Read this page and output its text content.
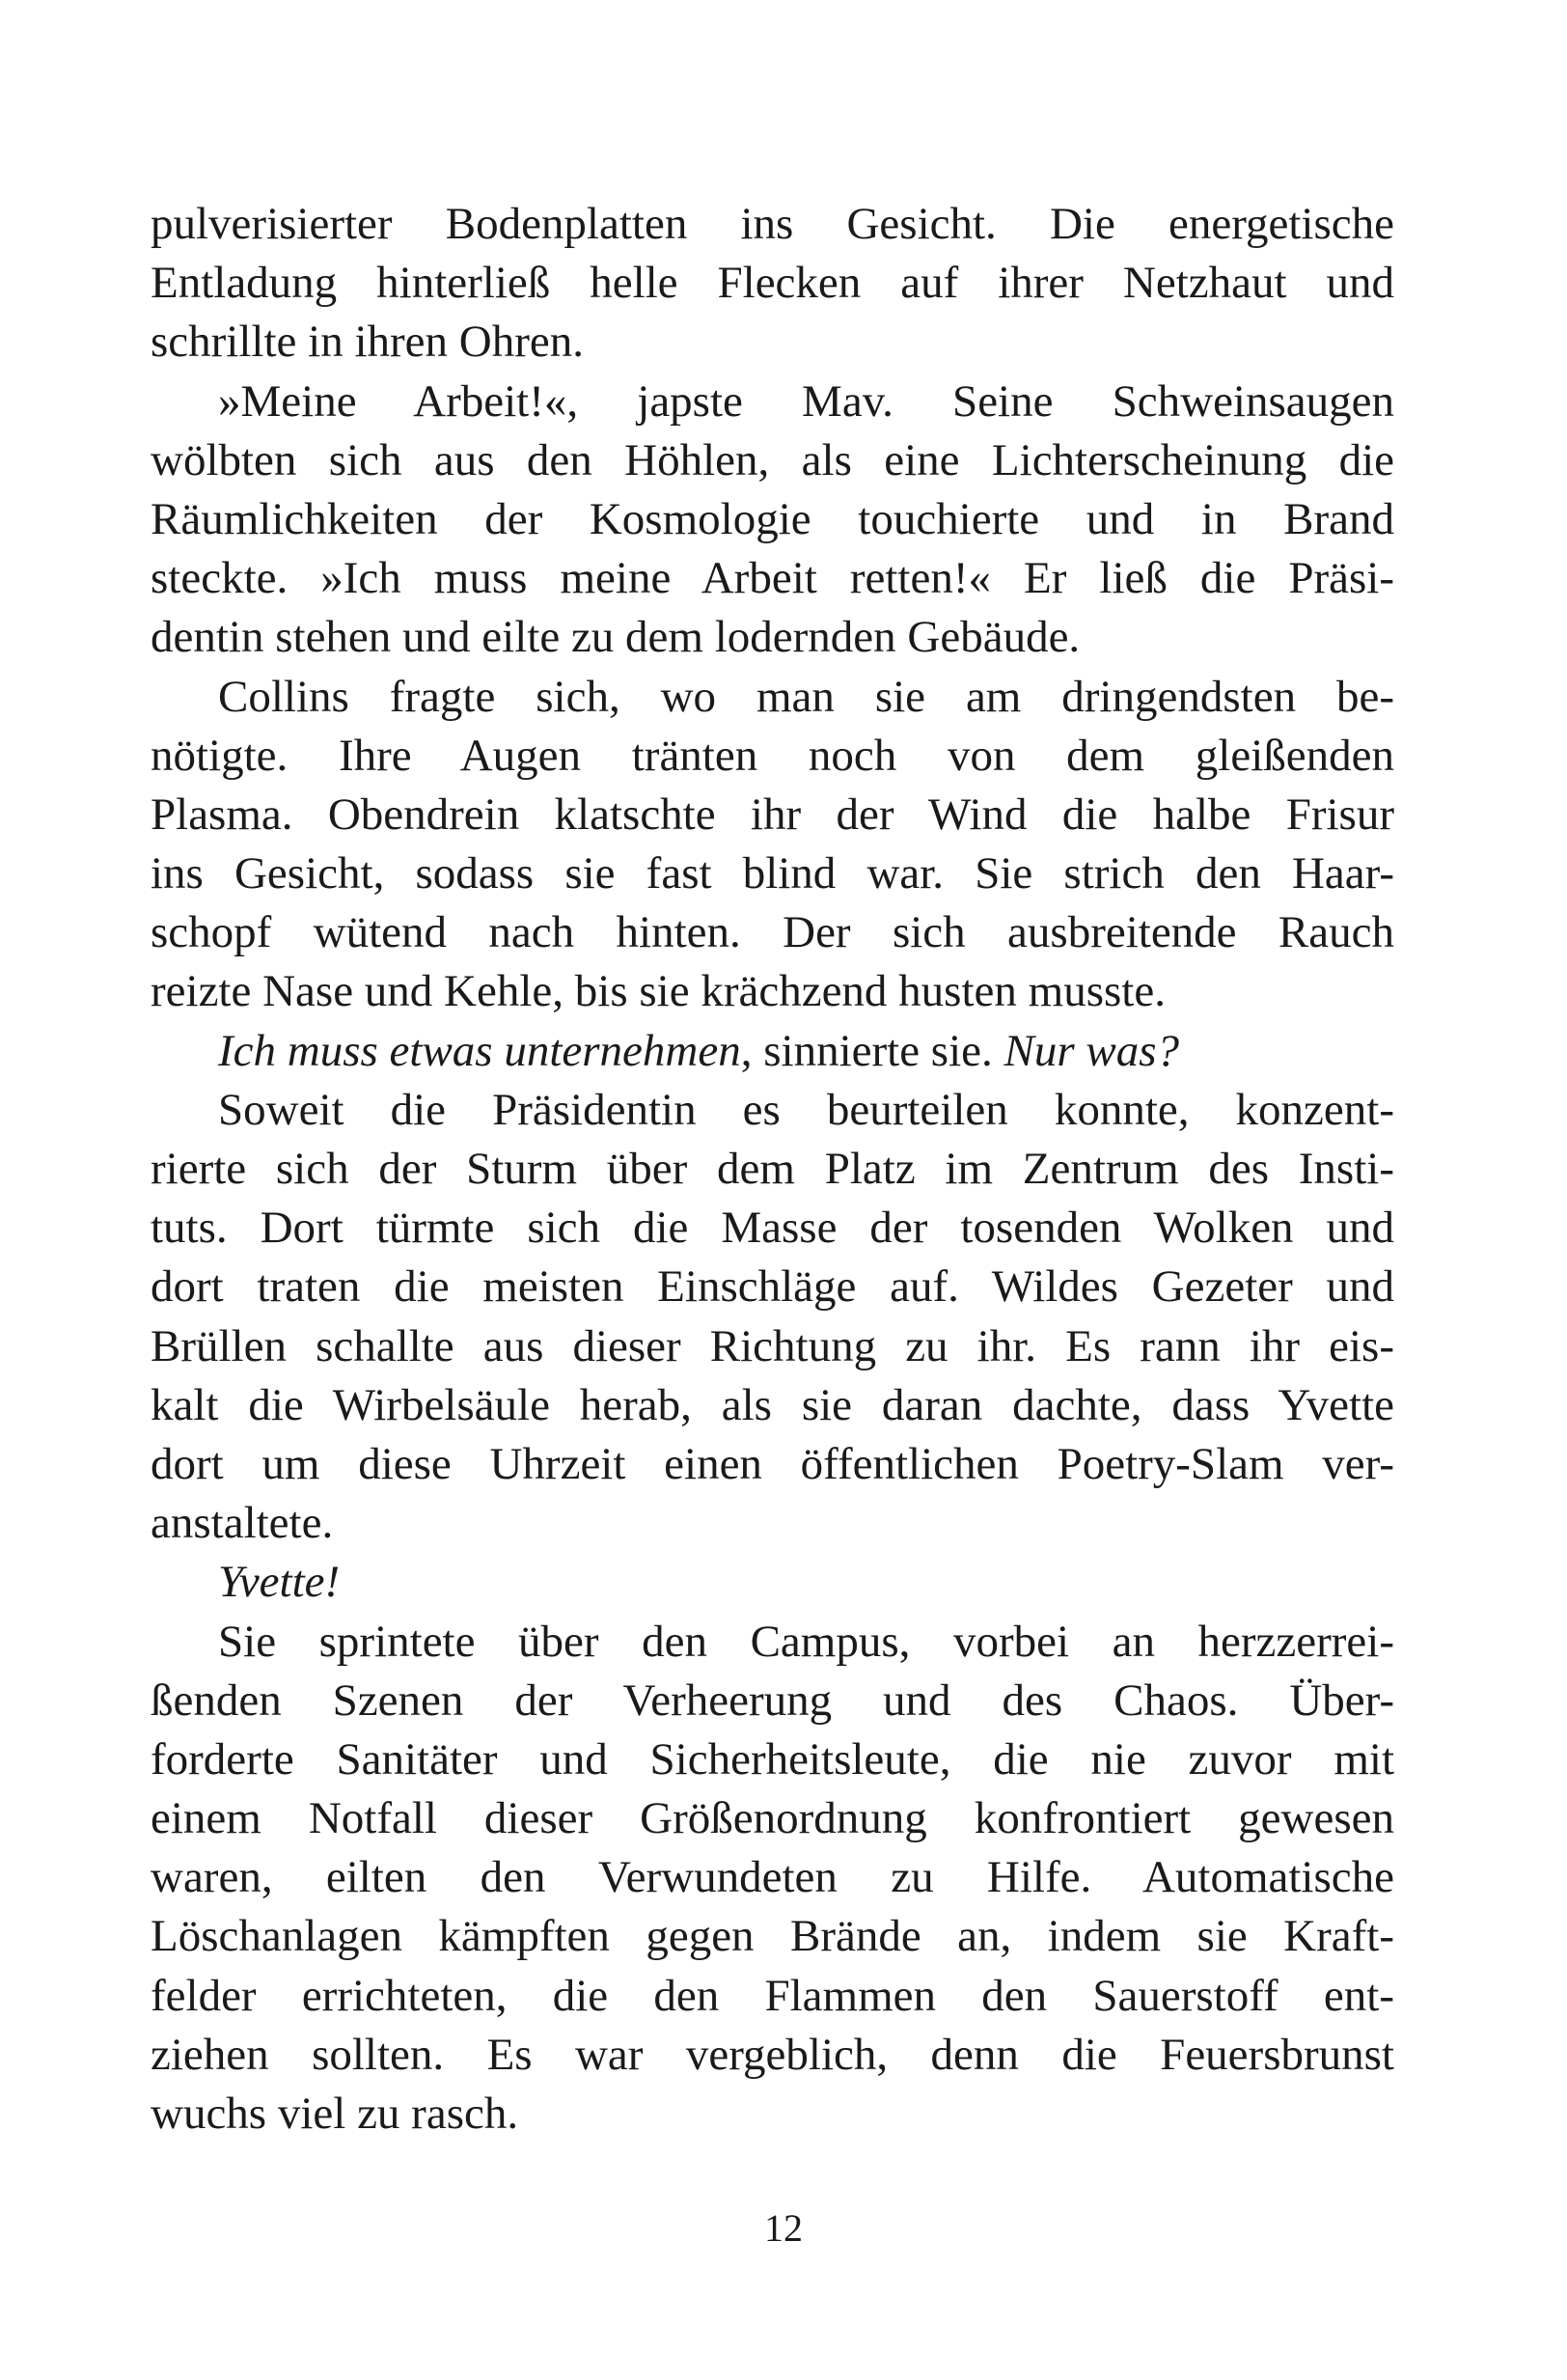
pulverisierter Bodenplatten ins Gesicht. Die energetische
Entladung hinterließ helle Flecken auf ihrer Netzhaut und
schrillte in ihren Ohren.
»Meine Arbeit!«, japste Mav. Seine Schweinsaugen
wölbten sich aus den Höhlen, als eine Lichterscheinung die
Räumlichkeiten der Kosmologie touchierte und in Brand
steckte. »Ich muss meine Arbeit retten!« Er ließ die Präsi-
dentin stehen und eilte zu dem lodernden Gebäude.
Collins fragte sich, wo man sie am dringendsten be-
nötigte. Ihre Augen tränten noch von dem gleißenden
Plasma. Obendrein klatschte ihr der Wind die halbe Frisur
ins Gesicht, sodass sie fast blind war. Sie strich den Haar-
schopf wütend nach hinten. Der sich ausbreitende Rauch
reizte Nase und Kehle, bis sie krächzend husten musste.
Ich muss etwas unternehmen, sinnierte sie. Nur was?
Soweit die Präsidentin es beurteilen konnte, konzent-
rierte sich der Sturm über dem Platz im Zentrum des Insti-
tuts. Dort türmte sich die Masse der tosenden Wolken und
dort traten die meisten Einschläge auf. Wildes Gezeter und
Brüllen schallte aus dieser Richtung zu ihr. Es rann ihr eis-
kalt die Wirbelsäule herab, als sie daran dachte, dass Yvette
dort um diese Uhrzeit einen öffentlichen Poetry-Slam ver-
anstaltete.
Yvette!
Sie sprintete über den Campus, vorbei an herzzerrei-
ßenden Szenen der Verheerung und des Chaos. Über-
forderte Sanitäter und Sicherheitsleute, die nie zuvor mit
einem Notfall dieser Größenordnung konfrontiert gewesen
waren, eilten den Verwundeten zu Hilfe. Automatische
Löschanlagen kämpften gegen Brände an, indem sie Kraft-
felder errichteten, die den Flammen den Sauerstoff ent-
ziehen sollten. Es war vergeblich, denn die Feuersbrunst
wuchs viel zu rasch.
12
